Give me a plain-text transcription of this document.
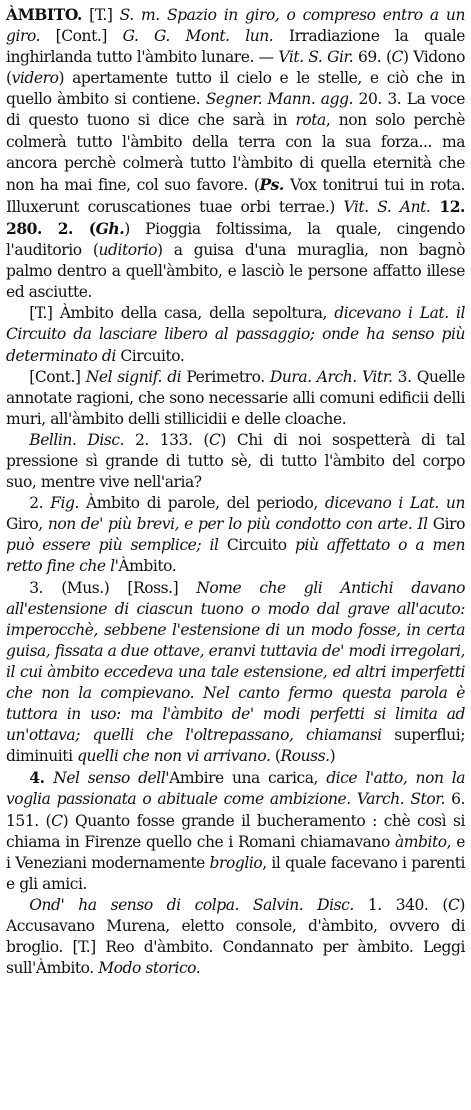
ÀMBITO. [T.] S. m. Spazio in giro, o compreso entro a un giro. [Cont.] G. G. Mont. lun. Irradiazione la quale inghirlanda tutto l'àmbito lunare. — Vit. S. Gir. 69. (C) Vidono (videro) apertamente tutto il cielo e le stelle, e ciò che in quello àmbito si contiene. Segner. Mann. agg. 20. 3. La voce di questo tuono si dice che sarà in rota, non solo perchè colmerà tutto l'àmbito della terra con la sua forza... ma ancora perchè colmerà tutto l'àmbito di quella eternità che non ha mai fine, col suo favore. (Ps. Vox tonitrui tui in rota. Illuxerunt coruscationes tuae orbi terrae.) Vit. S. Ant. 12. 280. 2. (Gh.) Pioggia foltissima, la quale, cingendo l'auditorio (uditorio) a guisa d'una muraglia, non bagnò palmo dentro a quell'àmbito, e lasciò le persone affatto illese ed asciutte.

[T.] Àmbito della casa, della sepoltura, dicevano i Lat. il Circuito da lasciare libero al passaggio; onde ha senso più determinato di Circuito.

[Cont.] Nel signif. di Perimetro. Dura. Arch. Vitr. 3. Quelle annotate ragioni, che sono necessarie alli comuni edificii delli muri, all'àmbito delli stillicidii e delle cloache.

Bellin. Disc. 2. 133. (C) Chi di noi sospetterà di tal pressione sì grande di tutto sè, di tutto l'àmbito del corpo suo, mentre vive nell'aria?

2. Fig. Àmbito di parole, del periodo, dicevano i Lat. un Giro, non de' più brevi, e per lo più condotto con arte. Il Giro può essere più semplice; il Circuito più affettato o a men retto fine che l'Àmbito.

3. (Mus.) [Ross.] Nome che gli Antichi davano all'estensione di ciascun tuono o modo dal grave all'acuto: imperocchè, sebbene l'estensione di un modo fosse, in certa guisa, fissata a due ottave, eranvi tuttavia de' modi irregolari, il cui àmbito eccedeva una tale estensione, ed altri imperfetti che non la compievano. Nel canto fermo questa parola è tuttora in uso: ma l'àmbito de' modi perfetti si limita ad un'ottava; quelli che l'oltrepassano, chiamansi superflui; diminuiti quelli che non vi arrivano. (Rouss.)

4. Nel senso dell'Ambire una carica, dice l'atto, non la voglia passionata o abituale come ambizione. Varch. Stor. 6. 151. (C) Quanto fosse grande il bucheramento : chè così si chiama in Firenze quello che i Romani chiamavano àmbito, e i Veneziani modernamente broglio, il quale facevano i parenti e gli amici.

Ond' ha senso di colpa. Salvin. Disc. 1. 340. (C) Accusavano Murena, eletto console, d'àmbito, ovvero di broglio. [T.] Reo d'àmbito. Condannato per àmbito. Leggi sull'Àmbito. Modo storico.
